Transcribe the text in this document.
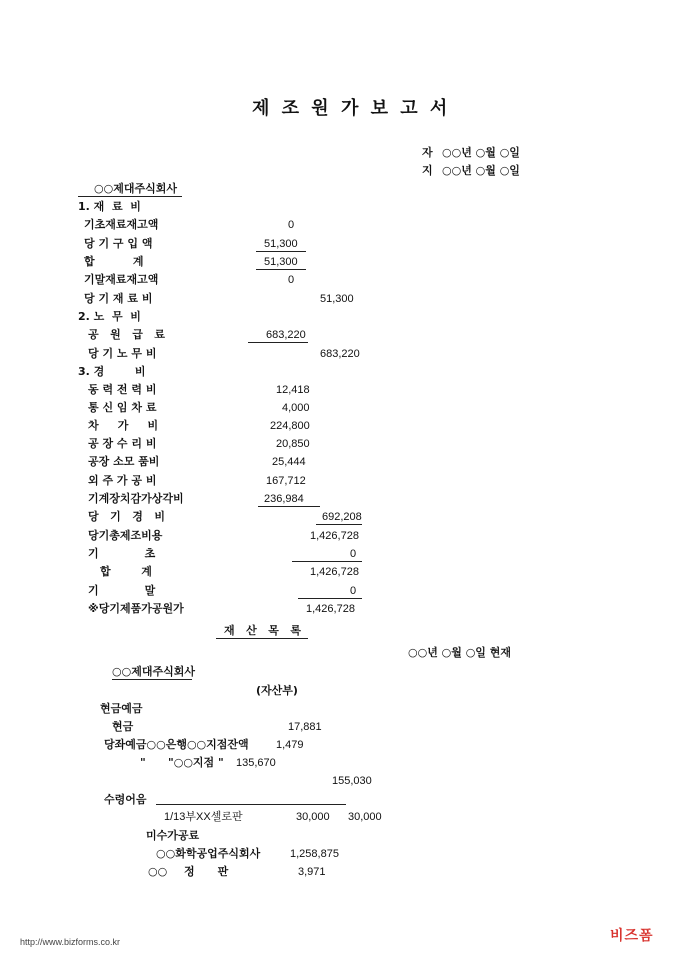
제 조 원 가 보 고 서
자 ○○년 ○월 ○일
지 ○○년 ○월 ○일
○○제대주식회사
1. 재  료  비
기초재료재고액	0
당 기 구 입 액	51,300
합          계	51,300
기말재료재고액	0
당 기 재 료 비	51,300
2. 노  무  비
공   원   급   료	683,220
당 기 노 무 비	683,220
3. 경        비
동 력 전 력 비	12,418
통 신 임 차 료	4,000
차     가     비	224,800
공 장 수 리 비	20,850
공장 소모 품비	25,444
외 주 가 공 비	167,712
기계장치감가상각비	236,984
당   기   경   비	692,208
당기총제조비용	1,426,728
기            초	0
합        계	1,426,728
기            말	0
※당기제품가공원가	1,426,728
재   산   목   록
○○년 ○월 ○일 현재
○○제대주식회사
(자산부)
현금예금
현금	17,881
당좌예금○○은행○○지점잔액 1,479
" "○○지점 " 135,670
155,030
수령어음
1/13부XX셀로판	30,000 30,000
미수가공료
○○화학공업주식회사	1,258,875
○○ 정      판	3,971
http://www.bizforms.co.kr	비즈폼
